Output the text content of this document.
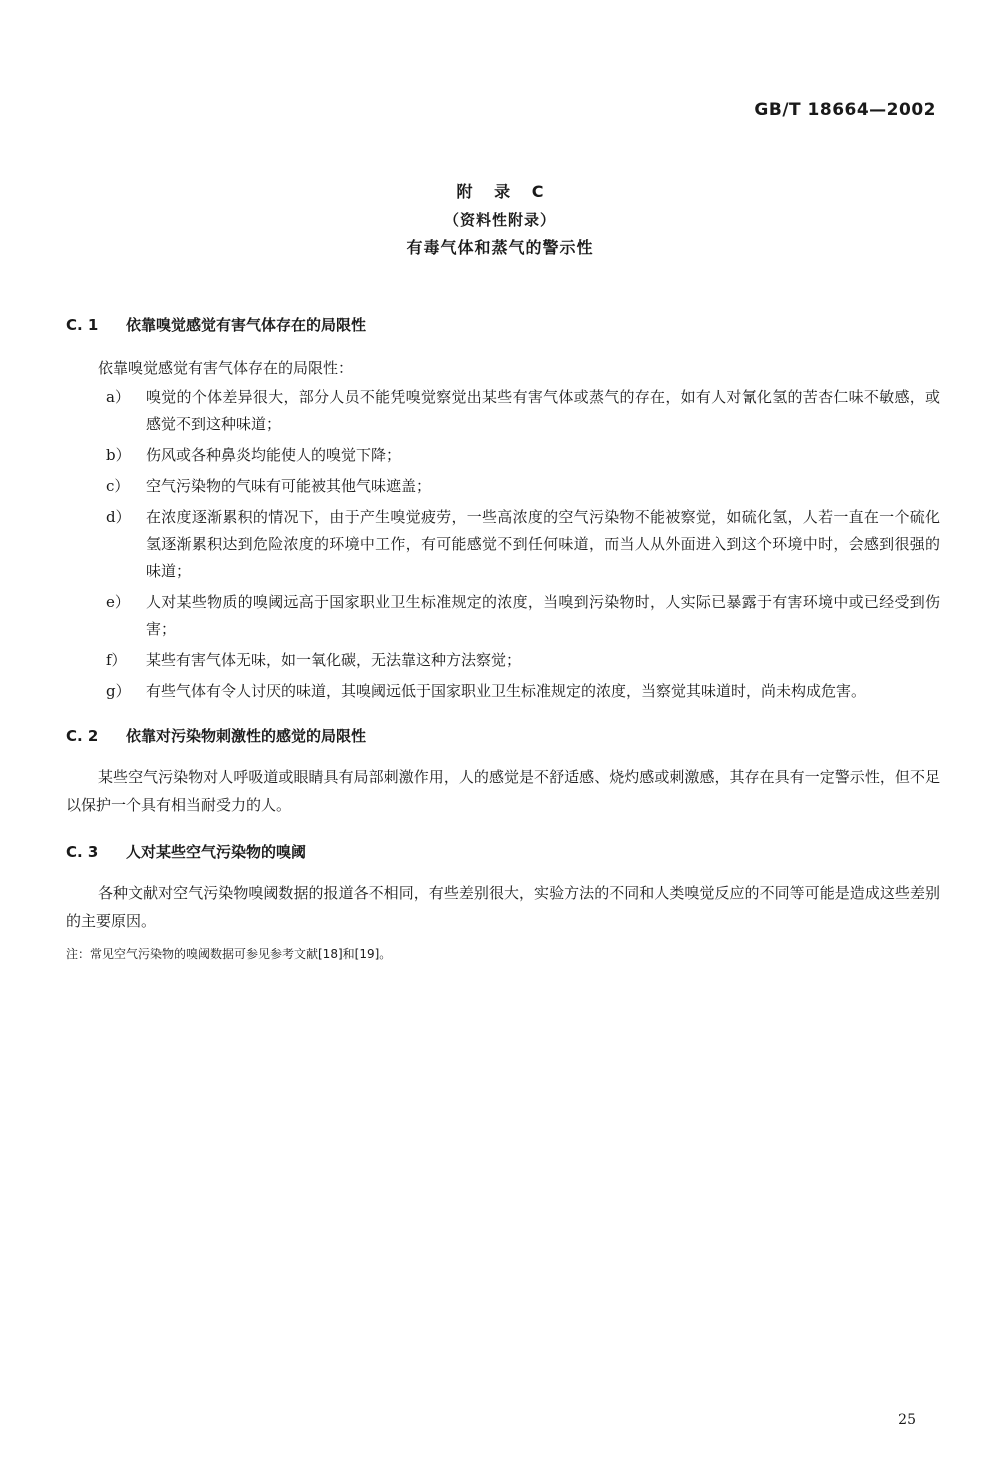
GB/T 18664—2002
附 录 C
（资料性附录）
有毒气体和蒸气的警示性
C. 1 依靠嗅觉感觉有害气体存在的局限性

依靠嗅觉感觉有害气体存在的局限性：

a）	嗅觉的个体差异很大，部分人员不能凭嗅觉察觉出某些有害气体或蒸气的存在，如有人对氰化氢的苦杏仁味不敏感，或感觉不到这种味道；
b）	伤风或各种鼻炎均能使人的嗅觉下降；
c）	空气污染物的气味有可能被其他气味遮盖；
d）	在浓度逐渐累积的情况下，由于产生嗅觉疲劳，一些高浓度的空气污染物不能被察觉，如硫化氢，人若一直在一个硫化氢逐渐累积达到危险浓度的环境中工作，有可能感觉不到任何味道，而当人从外面进入到这个环境中时，会感到很强的味道；
e）	人对某些物质的嗅阈远高于国家职业卫生标准规定的浓度，当嗅到污染物时，人实际已暴露于有害环境中或已经受到伤害；
f）	某些有害气体无味，如一氧化碳，无法靠这种方法察觉；
g）	有些气体有令人讨厌的味道，其嗅阈远低于国家职业卫生标准规定的浓度，当察觉其味道时，尚未构成危害。
C. 2 依靠对污染物刺激性的感觉的局限性

某些空气污染物对人呼吸道或眼睛具有局部刺激作用，人的感觉是不舒适感、烧灼感或刺激感，其存在具有一定警示性，但不足以保护一个具有相当耐受力的人。

C. 3 人对某些空气污染物的嗅阈

各种文献对空气污染物嗅阈数据的报道各不相同，有些差别很大，实验方法的不同和人类嗅觉反应的不同等可能是造成这些差别的主要原因。

注：常见空气污染物的嗅阈数据可参见参考文献[18]和[19]。

25
